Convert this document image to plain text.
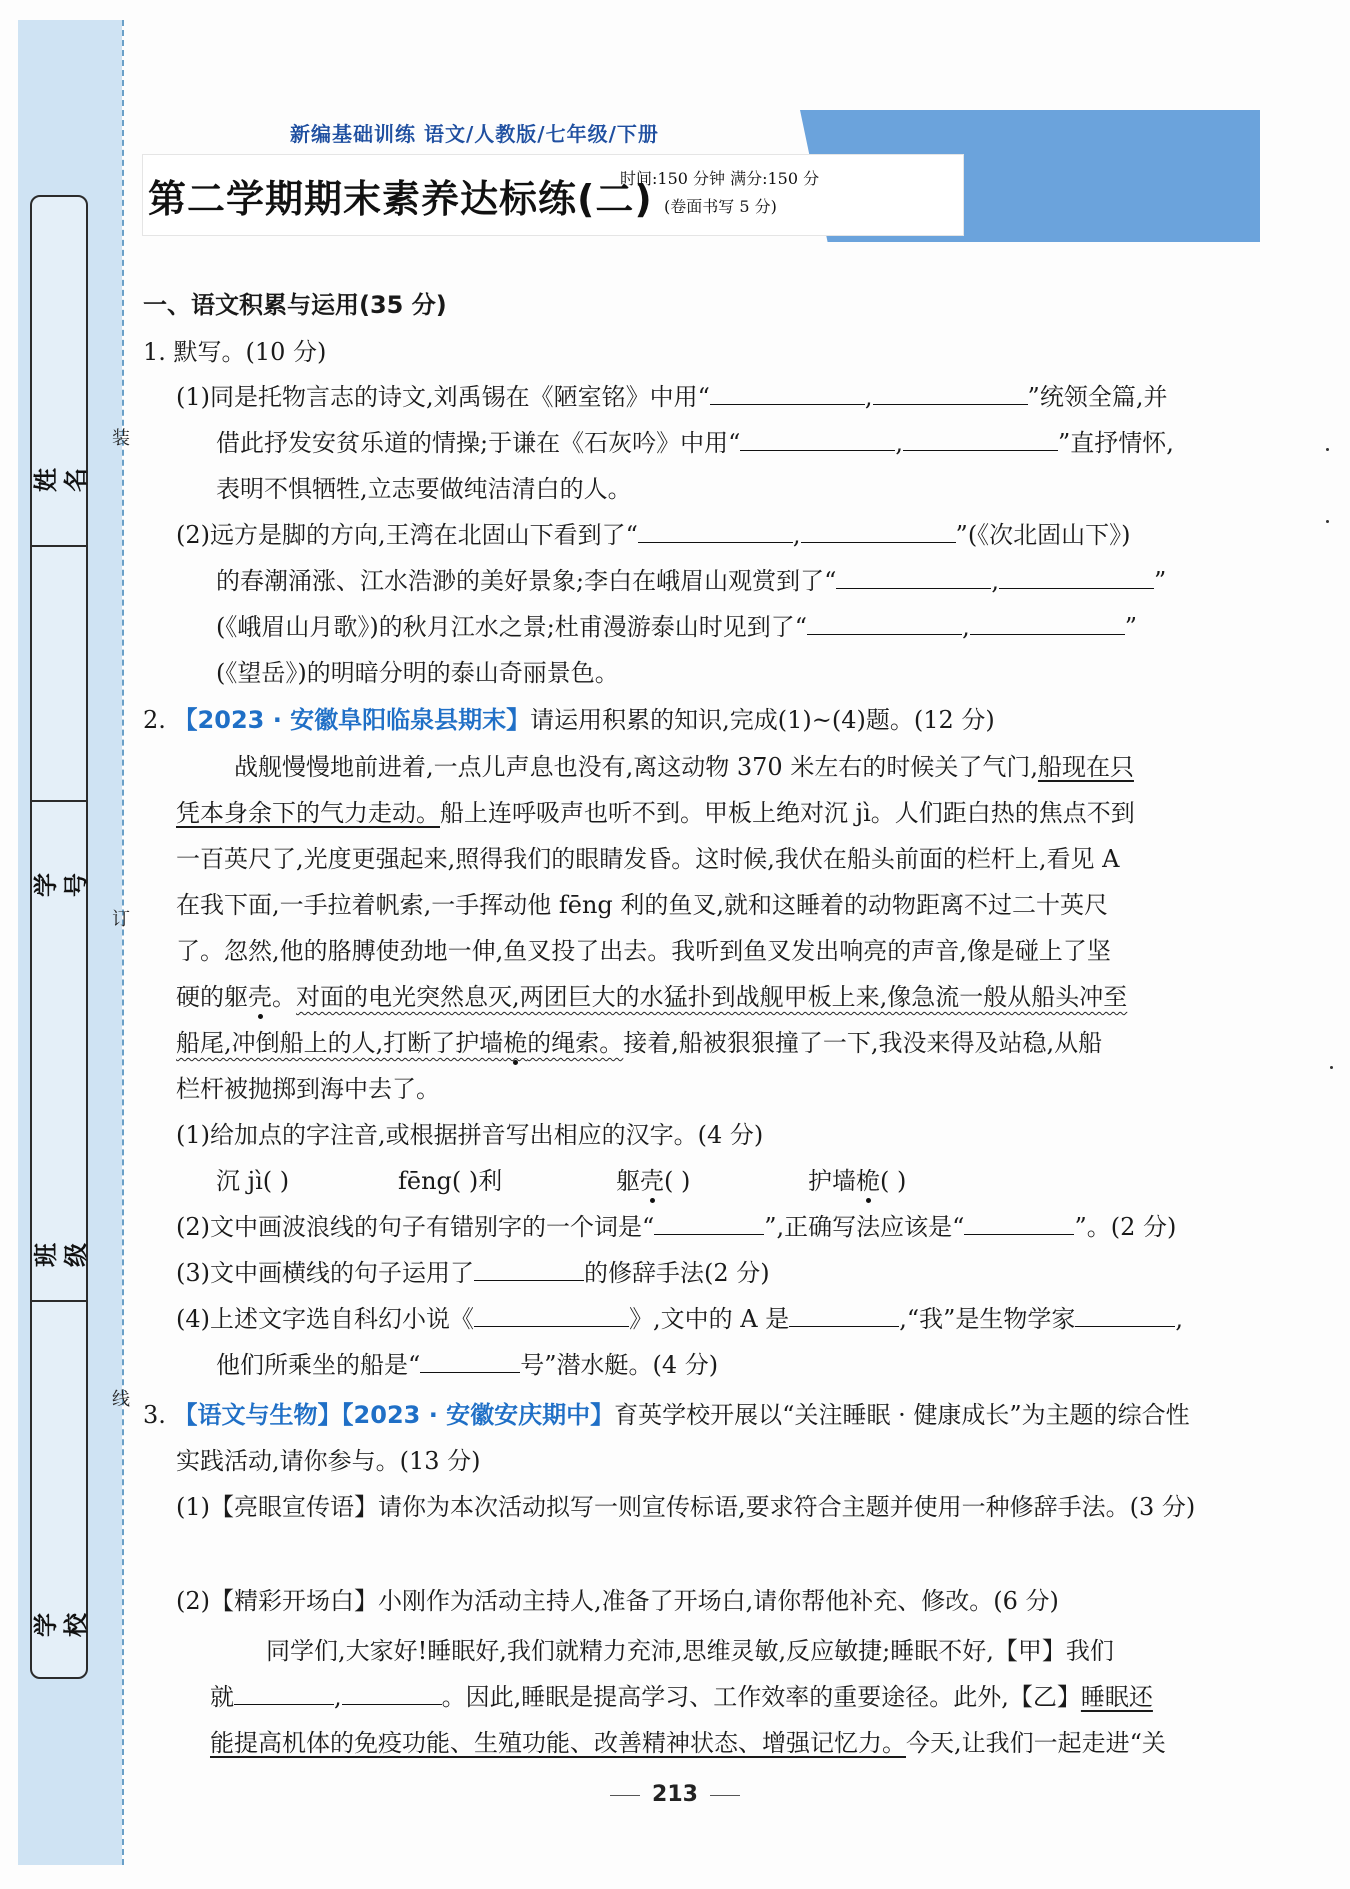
姓名
学号
班级
学校
装
订
线
新编基础训练 语文/人教版/七年级/下册
第二学期期末素养达标练(二)
时间:150 分钟 满分:150 分
(卷面书写 5 分)
一、语文积累与运用(35 分)
1. 默写。(10 分)
(1)同是托物言志的诗文,刘禹锡在《陋室铭》中用“	,	”统领全篇,并
借此抒发安贫乐道的情操;于谦在《石灰吟》中用“	,	”直抒情怀,
表明不惧牺牲,立志要做纯洁清白的人。
(2)远方是脚的方向,王湾在北固山下看到了“	,	”(《次北固山下》)
的春潮涌涨、江水浩渺的美好景象;李白在峨眉山观赏到了“	,	”
(《峨眉山月歌》)的秋月江水之景;杜甫漫游泰山时见到了“	,	”
(《望岳》)的明暗分明的泰山奇丽景色。
2. 【2023 · 安徽阜阳临泉县期末】请运用积累的知识,完成(1)~(4)题。(12 分)
战舰慢慢地前进着,一点儿声息也没有,离这动物 370 米左右的时候关了气门,船现在只
凭本身余下的气力走动。船上连呼吸声也听不到。甲板上绝对沉 jì。人们距白热的焦点不到
一百英尺了,光度更强起来,照得我们的眼睛发昏。这时候,我伏在船头前面的栏杆上,看见 A
在我下面,一手拉着帆索,一手挥动他 fēng 利的鱼叉,就和这睡着的动物距离不过二十英尺
了。忽然,他的胳膊使劲地一伸,鱼叉投了出去。我听到鱼叉发出响亮的声音,像是碰上了坚
硬的躯壳。对面的电光突然息灭,两团巨大的水猛扑到战舰甲板上来,像急流一般从船头冲至
船尾,冲倒船上的人,打断了护墙桅的绳索。接着,船被狠狠撞了一下,我没来得及站稳,从船
栏杆被抛掷到海中去了。
(1)给加点的字注音,或根据拼音写出相应的汉字。(4 分)
沉 jì( )	fēng( )利	躯壳( )	护墙桅( )
(2)文中画波浪线的句子有错别字的一个词是“	”,正确写法应该是“	”。(2 分)
(3)文中画横线的句子运用了	的修辞手法(2 分)
(4)上述文字选自科幻小说《	》,文中的 A 是	,“我”是生物学家	,
他们所乘坐的船是“	号”潜水艇。(4 分)
3. 【语文与生物】【2023 · 安徽安庆期中】育英学校开展以“关注睡眠 · 健康成长”为主题的综合性
实践活动,请你参与。(13 分)
(1)【亮眼宣传语】请你为本次活动拟写一则宣传标语,要求符合主题并使用一种修辞手法。(3 分)
(2)【精彩开场白】小刚作为活动主持人,准备了开场白,请你帮他补充、修改。(6 分)
同学们,大家好!睡眠好,我们就精力充沛,思维灵敏,反应敏捷;睡眠不好,【甲】我们
就	,	。因此,睡眠是提高学习、工作效率的重要途径。此外,【乙】睡眠还
能提高机体的免疫功能、生殖功能、改善精神状态、增强记忆力。今天,让我们一起走进“关
213
